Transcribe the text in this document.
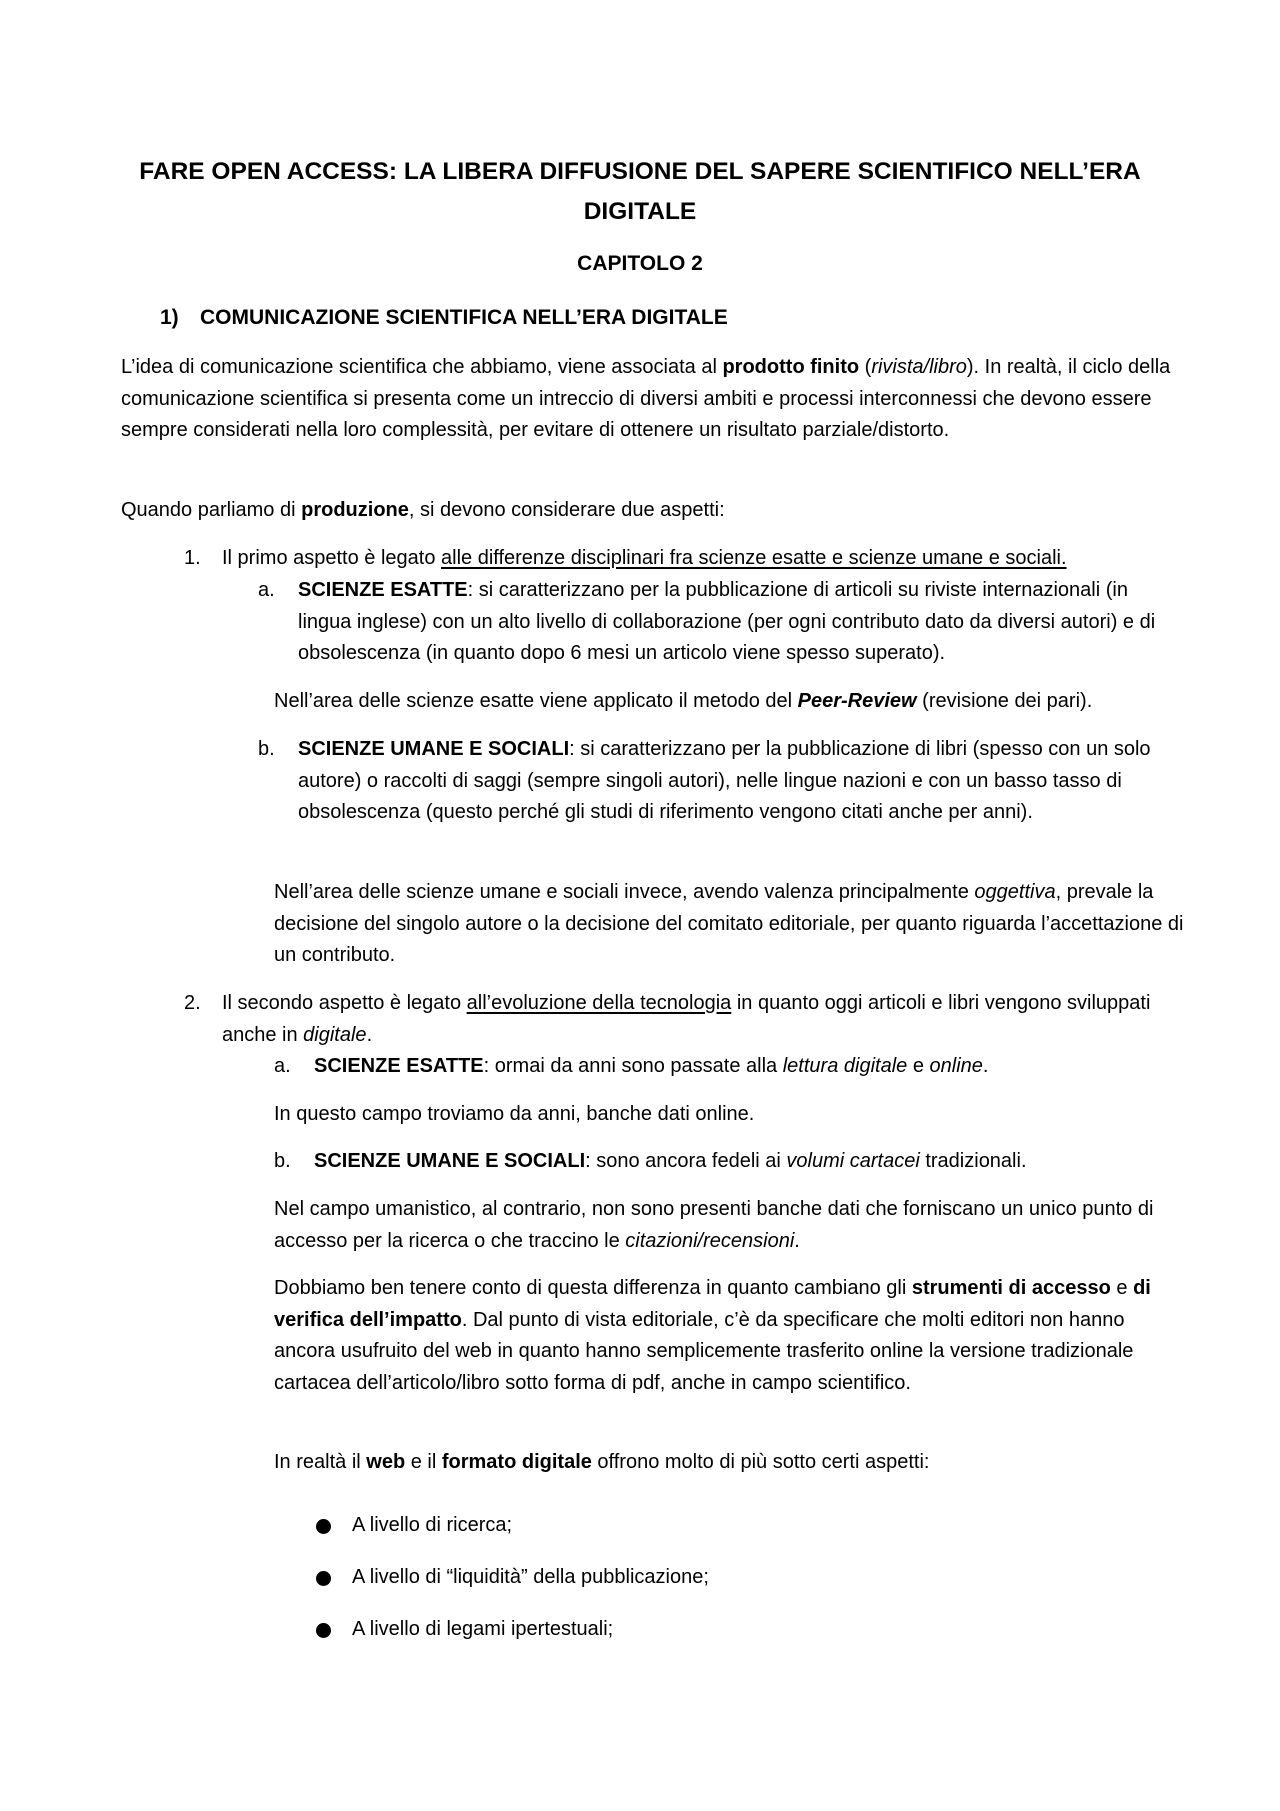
FARE OPEN ACCESS: LA LIBERA DIFFUSIONE DEL SAPERE SCIENTIFICO NELL’ERA DIGITALE
CAPITOLO 2
1) COMUNICAZIONE SCIENTIFICA NELL’ERA DIGITALE
L’idea di comunicazione scientifica che abbiamo, viene associata al prodotto finito (rivista/libro). In realtà, il ciclo della comunicazione scientifica si presenta come un intreccio di diversi ambiti e processi interconnessi che devono essere sempre considerati nella loro complessità, per evitare di ottenere un risultato parziale/distorto.
Quando parliamo di produzione, si devono considerare due aspetti:
1. Il primo aspetto è legato alle differenze disciplinari fra scienze esatte e scienze umane e sociali.
a. SCIENZE ESATTE: si caratterizzano per la pubblicazione di articoli su riviste internazionali (in lingua inglese) con un alto livello di collaborazione (per ogni contributo dato da diversi autori) e di obsolescenza (in quanto dopo 6 mesi un articolo viene spesso superato).
Nell’area delle scienze esatte viene applicato il metodo del Peer-Review (revisione dei pari).
b. SCIENZE UMANE E SOCIALI: si caratterizzano per la pubblicazione di libri (spesso con un solo autore) o raccolti di saggi (sempre singoli autori), nelle lingue nazioni e con un basso tasso di obsolescenza (questo perché gli studi di riferimento vengono citati anche per anni).
Nell’area delle scienze umane e sociali invece, avendo valenza principalmente oggettiva, prevale la decisione del singolo autore o la decisione del comitato editoriale, per quanto riguarda l’accettazione di un contributo.
2. Il secondo aspetto è legato all’evoluzione della tecnologia in quanto oggi articoli e libri vengono sviluppati anche in digitale.
a. SCIENZE ESATTE: ormai da anni sono passate alla lettura digitale e online.
In questo campo troviamo da anni, banche dati online.
b. SCIENZE UMANE E SOCIALI: sono ancora fedeli ai volumi cartacei tradizionali.
Nel campo umanistico, al contrario, non sono presenti banche dati che forniscano un unico punto di accesso per la ricerca o che traccino le citazioni/recensioni.
Dobbiamo ben tenere conto di questa differenza in quanto cambiano gli strumenti di accesso e di verifica dell’impatto. Dal punto di vista editoriale, c’è da specificare che molti editori non hanno ancora usufruito del web in quanto hanno semplicemente trasferito online la versione tradizionale cartacea dell’articolo/libro sotto forma di pdf, anche in campo scientifico.
In realtà il web e il formato digitale offrono molto di più sotto certi aspetti:
A livello di ricerca;
A livello di “liquidità” della pubblicazione;
A livello di legami ipertestuali;
